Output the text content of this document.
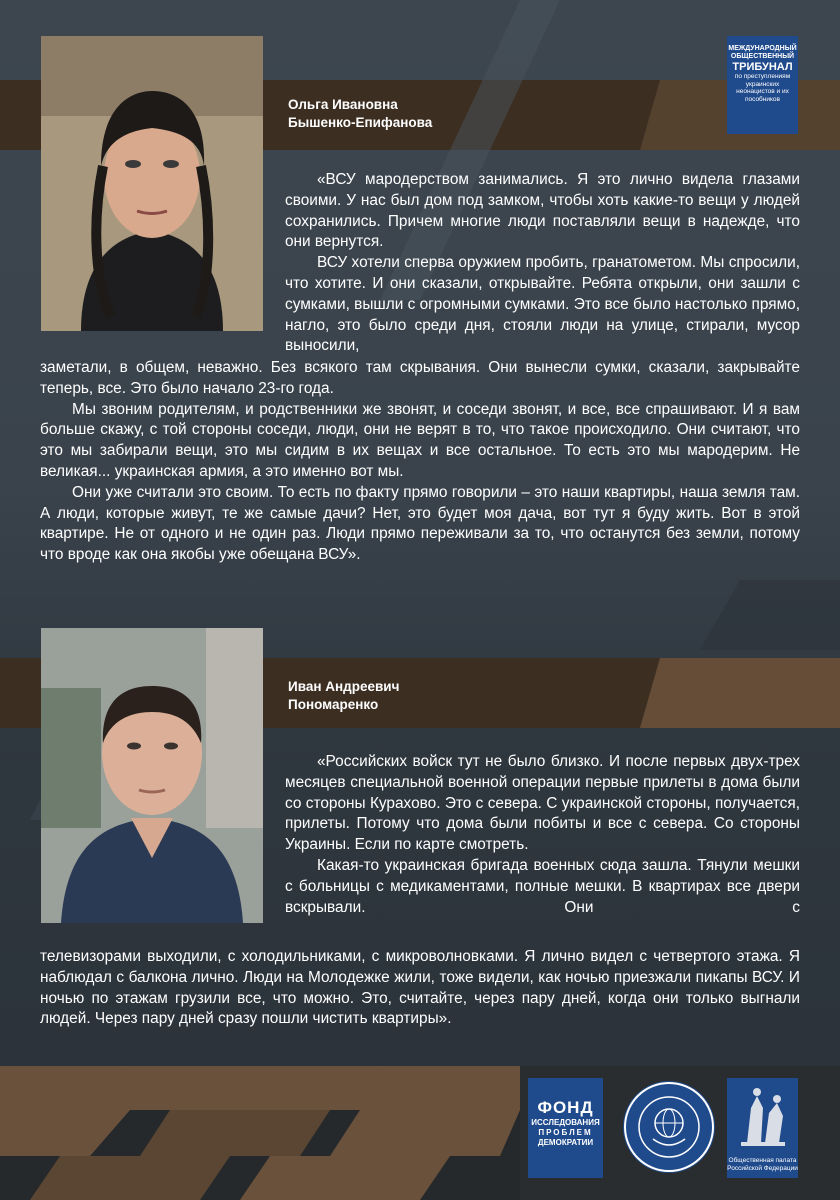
МЕЖДУНАРОДНЫЙ
ОБЩЕСТВЕННЫЙ
ТРИБУНАЛ
по преступлениям украинских неонацистов и их пособников
Ольга Ивановна
Бышенко-Епифанова

«ВСУ мародерством занимались. Я это лично видела глазами своими. У нас был дом под замком, чтобы хоть какие-то вещи у людей сохранились. Причем многие люди поставляли вещи в надежде, что они вернутся.

ВСУ хотели сперва оружием пробить, гранатометом. Мы спросили, что хотите. И они сказали, открывайте. Ребята открыли, они зашли с сумками, вышли с огромными сумками. Это все было настолько прямо, нагло, это было среди дня, стояли люди на улице, стирали, мусор выносили,

заметали, в общем, неважно. Без всякого там скрывания. Они вынесли сумки, сказали, закрывайте теперь, все. Это было начало 23-го года.

Мы звоним родителям, и родственники же звонят, и соседи звонят, и все, все спрашивают. И я вам больше скажу, с той стороны соседи, люди, они не верят в то, что такое происходило. Они считают, что это мы забирали вещи, это мы сидим в их вещах и все остальное. То есть это мы мародерим. Не великая... украинская армия, а это именно вот мы.

Они уже считали это своим. То есть по факту прямо говорили – это наши квартиры, наша земля там. А люди, которые живут, те же самые дачи? Нет, это будет моя дача, вот тут я буду жить. Вот в этой квартире. Не от одного и не один раз. Люди прямо переживали за то, что останутся без земли, потому что вроде как она якобы уже обещана ВСУ».

Иван Андреевич
Пономаренко

«Российских войск тут не было близко. И после первых двух-трех месяцев специальной военной операции первые прилеты в дома были со стороны Курахово. Это с севера. С украинской стороны, получается, прилеты. Потому что дома были побиты и все с севера. Со стороны Украины. Если по карте смотреть.

Какая-то украинская бригада военных сюда зашла. Тянули мешки с больницы с медикаментами, полные мешки. В квартирах все двери вскрывали. Они с

телевизорами выходили, с холодильниками, с микроволновками. Я лично видел с четвертого этажа. Я наблюдал с балкона лично. Люди на Молодежке жили, тоже видели, как ночью приезжали пикапы ВСУ. И ночью по этажам грузили все, что можно. Это, считайте, через пару дней, когда они только выгнали людей. Через пару дней сразу пошли чистить квартиры».

ФОНД
ИССЛЕДОВАНИЯ
ПРОБЛЕМ
ДЕМОКРАТИИ
Общественная палата Российской Федерации
